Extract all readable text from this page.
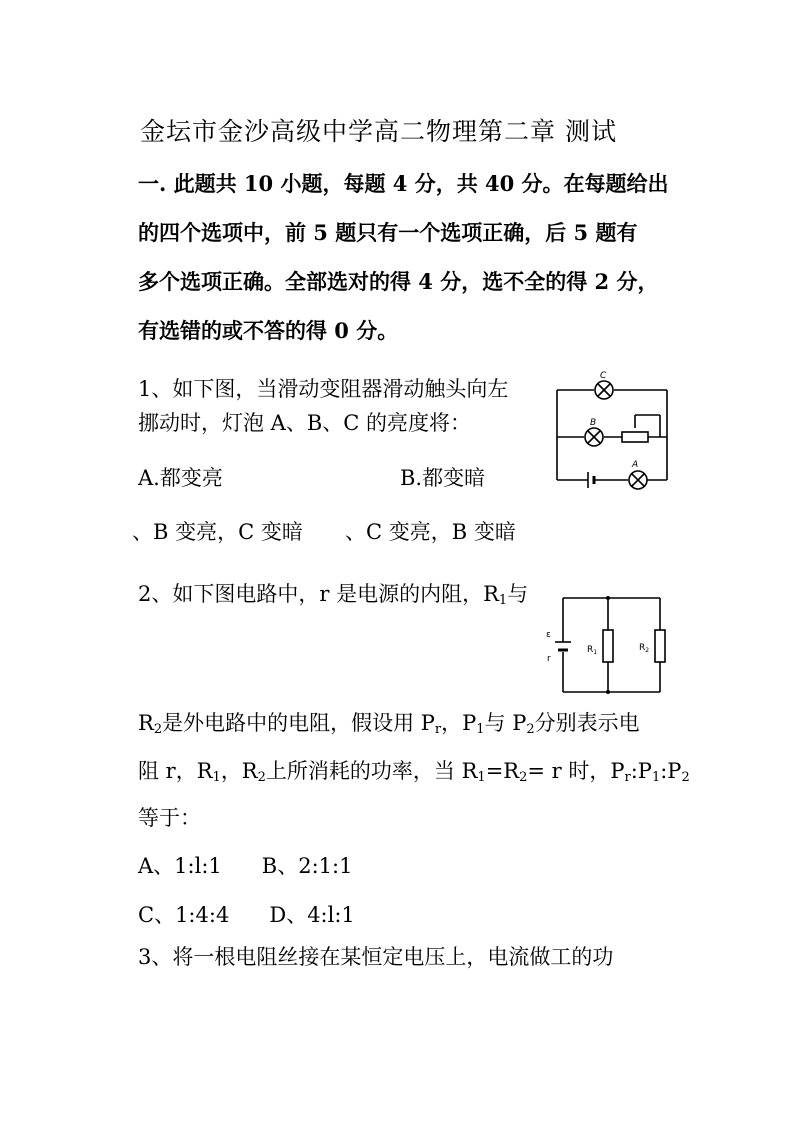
金坛市金沙高级中学高二物理第二章 测试
一. 此题共 10 小题，每题 4 分，共 40 分。在每题给出
的四个选项中，前 5 题只有一个选项正确，后 5 题有
多个选项正确。全部选对的得 4 分，选不全的得 2 分，
有选错的或不答的得 0 分。
1、如下图，当滑动变阻器滑动触头向左
挪动时，灯泡 A、B、C 的亮度将：
A.都变亮	B.都变暗
、B 变亮，C 变暗 、C 变亮，B 变暗
C
B
A
2、如下图电路中，r 是电源的内阻，$R_1$与
ε
r
$R_1$	$R_2$
$R_2$是外电路中的电阻，假设用 $P_r$，$P_1$与 $P_2$分别表示电
阻 r，$R_1$，$R_2$上所消耗的功率，当 $R_1=R_2= r$ 时，$P_r:P_1:P_2$
等于：
A、1:l:1      B、2:1:1
C、1:4:4      D、4:l:1
3、将一根电阻丝接在某恒定电压上，电流做工的功
